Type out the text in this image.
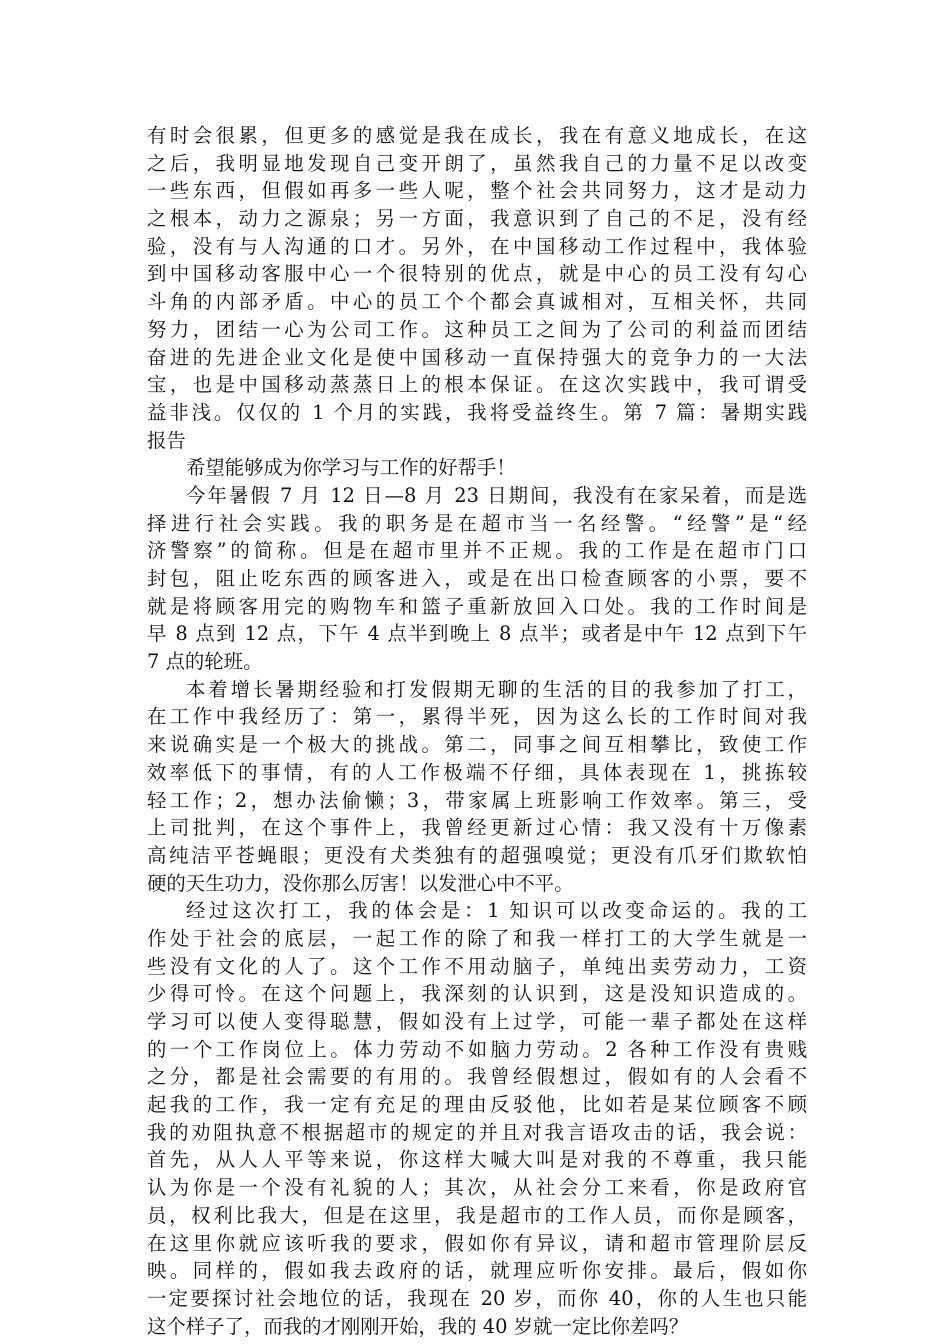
有时会很累，但更多的感觉是我在成长，我在有意义地成长，在这
之后，我明显地发现自己变开朗了，虽然我自己的力量不足以改变
一些东西，但假如再多一些人呢，整个社会共同努力，这才是动力
之根本，动力之源泉；另一方面，我意识到了自己的不足，没有经
验，没有与人沟通的口才。另外，在中国移动工作过程中，我体验
到中国移动客服中心一个很特别的优点，就是中心的员工没有勾心
斗角的内部矛盾。中心的员工个个都会真诚相对，互相关怀，共同
努力，团结一心为公司工作。这种员工之间为了公司的利益而团结
奋进的先进企业文化是使中国移动一直保持强大的竞争力的一大法
宝，也是中国移动蒸蒸日上的根本保证。在这次实践中，我可谓受
益非浅。仅仅的 1 个月的实践，我将受益终生。第 7 篇：暑期实践
报告
希望能够成为你学习与工作的好帮手！
今年暑假 7 月 12 日—8 月 23 日期间，我没有在家呆着，而是选
择进行社会实践。我的职务是在超市当一名经警。“经警”是“经
济警察”的简称。但是在超市里并不正规。我的工作是在超市门口
封包，阻止吃东西的顾客进入，或是在出口检查顾客的小票，要不
就是将顾客用完的购物车和篮子重新放回入口处。我的工作时间是
早 8 点到 12 点，下午 4 点半到晚上 8 点半；或者是中午 12 点到下午
7 点的轮班。
本着增长暑期经验和打发假期无聊的生活的目的我参加了打工，
在工作中我经历了：第一，累得半死，因为这么长的工作时间对我
来说确实是一个极大的挑战。第二，同事之间互相攀比，致使工作
效率低下的事情，有的人工作极端不仔细，具体表现在 1，挑拣较
轻工作；2，想办法偷懒；3，带家属上班影响工作效率。第三，受
上司批判，在这个事件上，我曾经更新过心情：我又没有十万像素
高纯洁平苍蝇眼；更没有犬类独有的超强嗅觉；更没有爪牙们欺软怕
硬的天生功力，没你那么厉害！以发泄心中不平。
经过这次打工，我的体会是：1 知识可以改变命运的。我的工
作处于社会的底层，一起工作的除了和我一样打工的大学生就是一
些没有文化的人了。这个工作不用动脑子，单纯出卖劳动力，工资
少得可怜。在这个问题上，我深刻的认识到，这是没知识造成的。
学习可以使人变得聪慧，假如没有上过学，可能一辈子都处在这样
的一个工作岗位上。体力劳动不如脑力劳动。2 各种工作没有贵贱
之分，都是社会需要的有用的。我曾经假想过，假如有的人会看不
起我的工作，我一定有充足的理由反驳他，比如若是某位顾客不顾
我的劝阻执意不根据超市的规定的并且对我言语攻击的话，我会说：
首先，从人人平等来说，你这样大喊大叫是对我的不尊重，我只能
认为你是一个没有礼貌的人；其次，从社会分工来看，你是政府官
员，权利比我大，但是在这里，我是超市的工作人员，而你是顾客，
在这里你就应该听我的要求，假如你有异议，请和超市管理阶层反
映。同样的，假如我去政府的话，就理应听你安排。最后，假如你
一定要探讨社会地位的话，我现在 20 岁，而你 40，你的人生也只能
这个样子了，而我的才刚刚开始，我的 40 岁就一定比你差吗？
